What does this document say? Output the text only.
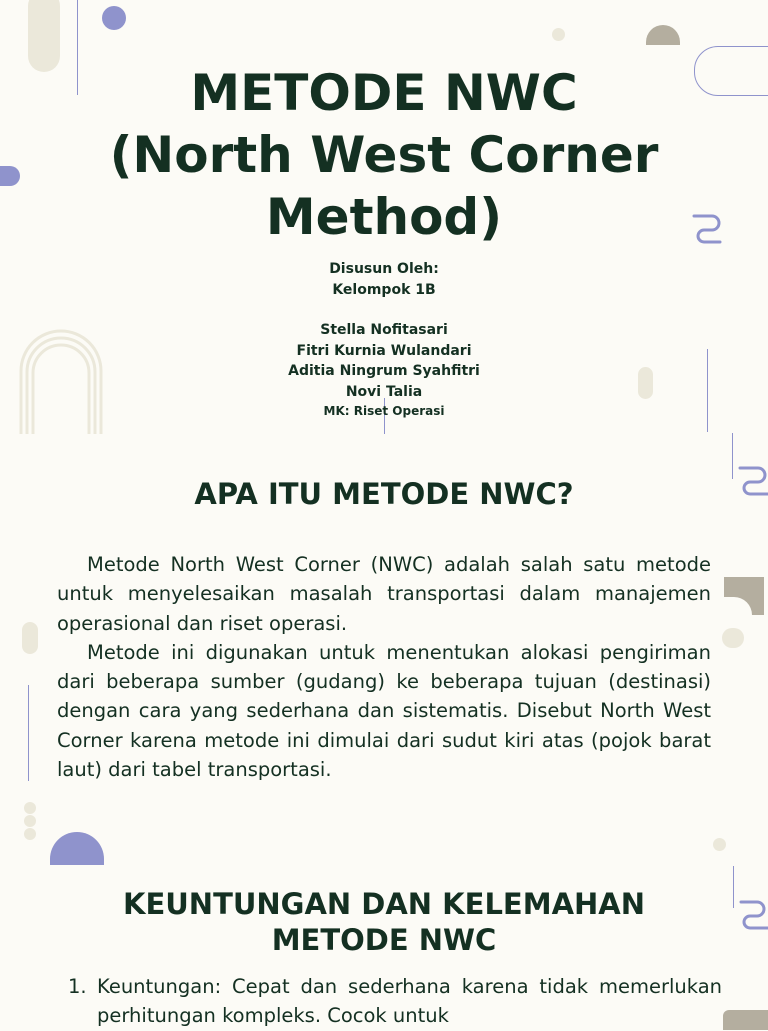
METODE NWC
(North West Corner
Method)
Disusun Oleh:
Kelompok 1B
Stella Nofitasari
Fitri Kurnia Wulandari
Aditia Ningrum Syahfitri
Novi Talia
MK: Riset Operasi
APA ITU METODE NWC?

Metode North West Corner (NWC) adalah salah satu metode untuk menyelesaikan masalah transportasi dalam manajemen operasional dan riset operasi.

Metode ini digunakan untuk menentukan alokasi pengiriman dari beberapa sumber (gudang) ke beberapa tujuan (destinasi) dengan cara yang sederhana dan sistematis. Disebut North West Corner karena metode ini dimulai dari sudut kiri atas (pojok barat laut) dari tabel transportasi.

KEUNTUNGAN DAN KELEMAHAN
METODE NWC
1. Keuntungan: Cepat dan sederhana karena tidak memerlukan perhitungan kompleks. Cocok untuk
